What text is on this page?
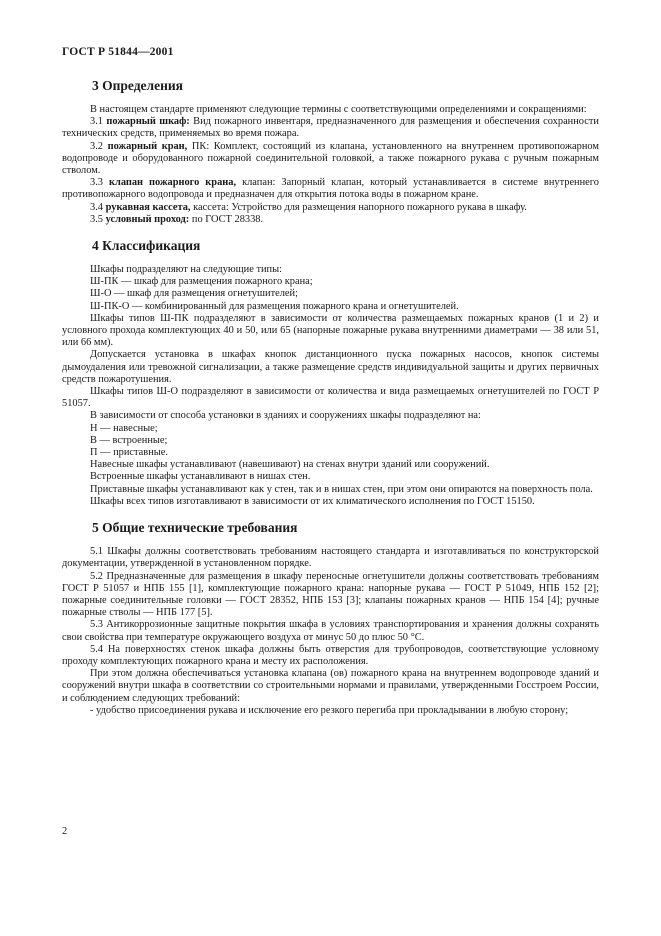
ГОСТ Р 51844—2001
3 Определения

В настоящем стандарте применяют следующие термины с соответствующими определениями и сокращениями:

3.1 пожарный шкаф: Вид пожарного инвентаря, предназначенного для размещения и обеспечения сохранности технических средств, применяемых во время пожара.

3.2 пожарный кран, ПК: Комплект, состоящий из клапана, установленного на внутреннем противопожарном водопроводе и оборудованного пожарной соединительной головкой, а также пожарного рукава с ручным пожарным стволом.

3.3 клапан пожарного крана, клапан: Запорный клапан, который устанавливается в системе внутреннего противопожарного водопровода и предназначен для открытия потока воды в пожарном кране.

3.4 рукавная кассета, кассета: Устройство для размещения напорного пожарного рукава в шкафу.

3.5 условный проход: по ГОСТ 28338.

4 Классификация

Шкафы подразделяют на следующие типы:

Ш-ПК — шкаф для размещения пожарного крана;

Ш-О — шкаф для размещения огнетушителей;

Ш-ПК-О — комбинированный для размещения пожарного крана и огнетушителей.

Шкафы типов Ш-ПК подразделяют в зависимости от количества размещаемых пожарных кранов (1 и 2) и условного прохода комплектующих 40 и 50, или 65 (напорные пожарные рукава внутренними диаметрами — 38 или 51, или 66 мм).

Допускается установка в шкафах кнопок дистанционного пуска пожарных насосов, кнопок системы дымоудаления или тревожной сигнализации, а также размещение средств индивидуальной защиты и других первичных средств пожаротушения.

Шкафы типов Ш-О подразделяют в зависимости от количества и вида размещаемых огнетушителей по ГОСТ Р 51057.

В зависимости от способа установки в зданиях и сооружениях шкафы подразделяют на:

Н — навесные;

В — встроенные;

П — приставные.

Навесные шкафы устанавливают (навешивают) на стенах внутри зданий или сооружений.

Встроенные шкафы устанавливают в нишах стен.

Приставные шкафы устанавливают как у стен, так и в нишах стен, при этом они опираются на поверхность пола.

Шкафы всех типов изготавливают в зависимости от их климатического исполнения по ГОСТ 15150.

5 Общие технические требования

5.1 Шкафы должны соответствовать требованиям настоящего стандарта и изготавливаться по конструкторской документации, утвержденной в установленном порядке.

5.2 Предназначенные для размещения в шкафу переносные огнетушители должны соответствовать требованиям ГОСТ Р 51057 и НПБ 155 [1], комплектующие пожарного крана: напорные рукава — ГОСТ Р 51049, НПБ 152 [2]; пожарные соединительные головки — ГОСТ 28352, НПБ 153 [3]; клапаны пожарных кранов — НПБ 154 [4]; ручные пожарные стволы — НПБ 177 [5].

5.3 Антикоррозионные защитные покрытия шкафа в условиях транспортирования и хранения должны сохранять свои свойства при температуре окружающего воздуха от минус 50 до плюс 50 °С.

5.4 На поверхностях стенок шкафа должны быть отверстия для трубопроводов, соответствующие условному проходу комплектующих пожарного крана и месту их расположения.

При этом должна обеспечиваться установка клапана (ов) пожарного крана на внутреннем водопроводе зданий и сооружений внутри шкафа в соответствии со строительными нормами и правилами, утвержденными Госстроем России, и соблюдением следующих требований:

- удобство присоединения рукава и исключение его резкого перегиба при прокладывании в любую сторону;

2
